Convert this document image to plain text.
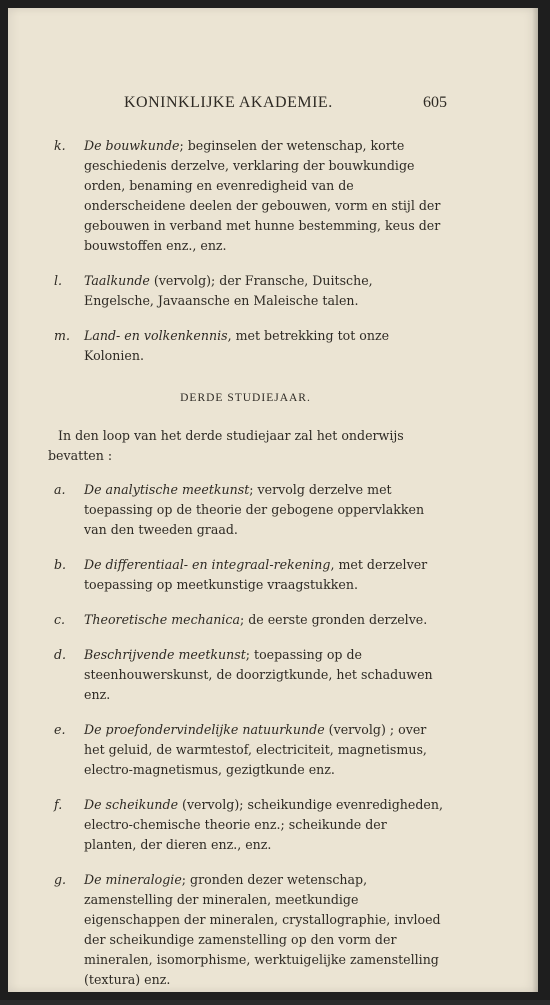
KONINKLIJKE AKADEMIE.	605
k. De bouwkunde; beginselen der wetenschap, korte geschiedenis derzelve, verklaring der bouwkundige orden, benaming en evenredigheid van de onderscheidene deelen der gebouwen, vorm en stijl der gebouwen in verband met hunne bestemming, keus der bouwstoffen enz., enz.
l. Taalkunde (vervolg); der Fransche, Duitsche, Engelsche, Javaansche en Maleische talen.
m. Land- en volkenkennis, met betrekking tot onze Kolonien.
DERDE STUDIEJAAR.
In den loop van het derde studiejaar zal het onderwijs bevatten :
a. De analytische meetkunst; vervolg derzelve met toepassing op de theorie der gebogene oppervlakken van den tweeden graad.
b. De differentiaal- en integraal-rekening, met derzelver toepassing op meetkunstige vraagstukken.
c. Theoretische mechanica; de eerste gronden derzelve.
d. Beschrijvende meetkunst; toepassing op de steenhouwerskunst, de doorzigtkunde, het schaduwen enz.
e. De proefondervindelijke natuurkunde (vervolg) ; over het geluid, de warmtestof, electriciteit, magnetismus, electro-magnetismus, gezigtkunde enz.
f. De scheikunde (vervolg); scheikundige evenredigheden, electro-chemische theorie enz.; scheikunde der planten, der dieren enz., enz.
g. De mineralogie; gronden dezer wetenschap, zamenstelling der mineralen, meetkundige eigenschappen der mineralen, crystallographie, invloed der scheikundige zamenstelling op den vorm der mineralen, isomorphisme, werktuigelijke zamenstelling (textura) enz.
